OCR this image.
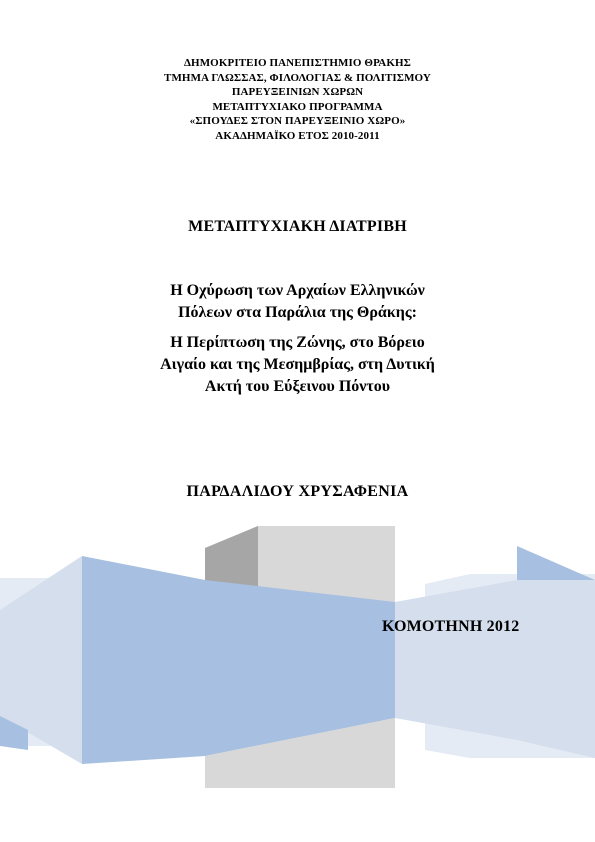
ΔΗΜΟΚΡΙΤΕΙΟ ΠΑΝΕΠΙΣΤΗΜΙΟ ΘΡΑΚΗΣ
ΤΜΗΜΑ ΓΛΩΣΣΑΣ, ΦΙΛΟΛΟΓΙΑΣ & ΠΟΛΙΤΙΣΜΟΥ
ΠΑΡΕΥΞΕΙΝΙΩΝ ΧΩΡΩΝ
ΜΕΤΑΠΤΥΧΙΑΚΟ ΠΡΟΓΡΑΜΜΑ
«ΣΠΟΥΔΕΣ ΣΤΟΝ ΠΑΡΕΥΞΕΙΝΙΟ ΧΩΡΟ»
ΑΚΑΔΗΜΑΪΚΟ ΕΤΟΣ 2010-2011
ΜΕΤΑΠΤΥΧΙΑΚΗ ΔΙΑΤΡΙΒΗ
Η Οχύρωση των Αρχαίων Ελληνικών
Πόλεων στα Παράλια της Θράκης:
Η Περίπτωση της Ζώνης, στο Βόρειο
Αιγαίο και της Μεσημβρίας, στη Δυτική
Ακτή του Εύξεινου Πόντου
ΠΑΡΔΑΛΙΔΟΥ ΧΡΥΣΑΦΕΝΙΑ
ΚΟΜΟΤΗΝΗ 2012
